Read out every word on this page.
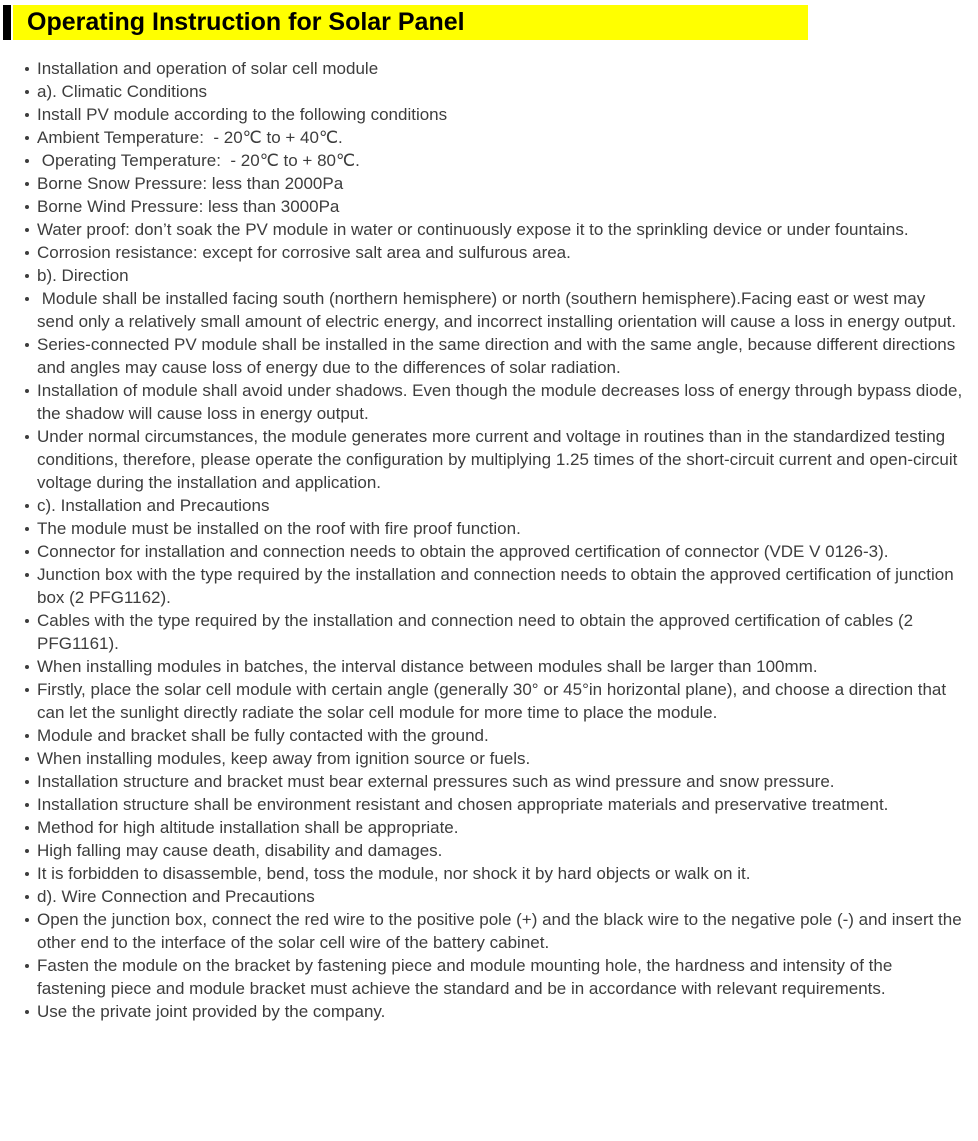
Operating Instruction for Solar Panel
Installation and operation of solar cell module
a). Climatic Conditions
Install PV module according to the following conditions
Ambient Temperature:  - 20℃ to + 40℃.
Operating Temperature:  - 20℃ to + 80℃.
Borne Snow Pressure: less than 2000Pa
Borne Wind Pressure: less than 3000Pa
Water proof: don’t soak the PV module in water or continuously expose it to the sprinkling device or under fountains.
Corrosion resistance: except for corrosive salt area and sulfurous area.
b). Direction
Module shall be installed facing south (northern hemisphere) or north (southern hemisphere).Facing east or west may send only a relatively small amount of electric energy, and incorrect installing orientation will cause a loss in energy output.
Series-connected PV module shall be installed in the same direction and with the same angle, because different directions and angles may cause loss of energy due to the differences of solar radiation.
Installation of module shall avoid under shadows. Even though the module decreases loss of energy through bypass diode, the shadow will cause loss in energy output.
Under normal circumstances, the module generates more current and voltage in routines than in the standardized testing conditions, therefore, please operate the configuration by multiplying 1.25 times of the short-circuit current and open-circuit voltage during the installation and application.
c). Installation and Precautions
The module must be installed on the roof with fire proof function.
Connector for installation and connection needs to obtain the approved certification of connector (VDE V 0126-3).
Junction box with the type required by the installation and connection needs to obtain the approved certification of junction box (2 PFG1162).
Cables with the type required by the installation and connection need to obtain the approved certification of cables (2 PFG1161).
When installing modules in batches, the interval distance between modules shall be larger than 100mm.
Firstly, place the solar cell module with certain angle (generally 30° or 45°in horizontal plane), and choose a direction that can let the sunlight directly radiate the solar cell module for more time to place the module.
Module and bracket shall be fully contacted with the ground.
When installing modules, keep away from ignition source or fuels.
Installation structure and bracket must bear external pressures such as wind pressure and snow pressure.
Installation structure shall be environment resistant and chosen appropriate materials and preservative treatment.
Method for high altitude installation shall be appropriate.
High falling may cause death, disability and damages.
It is forbidden to disassemble, bend, toss the module, nor shock it by hard objects or walk on it.
d). Wire Connection and Precautions
Open the junction box, connect the red wire to the positive pole (+) and the black wire to the negative pole (-) and insert the other end to the interface of the solar cell wire of the battery cabinet.
Fasten the module on the bracket by fastening piece and module mounting hole, the hardness and intensity of the fastening piece and module bracket must achieve the standard and be in accordance with relevant requirements.
Use the private joint provided by the company.
